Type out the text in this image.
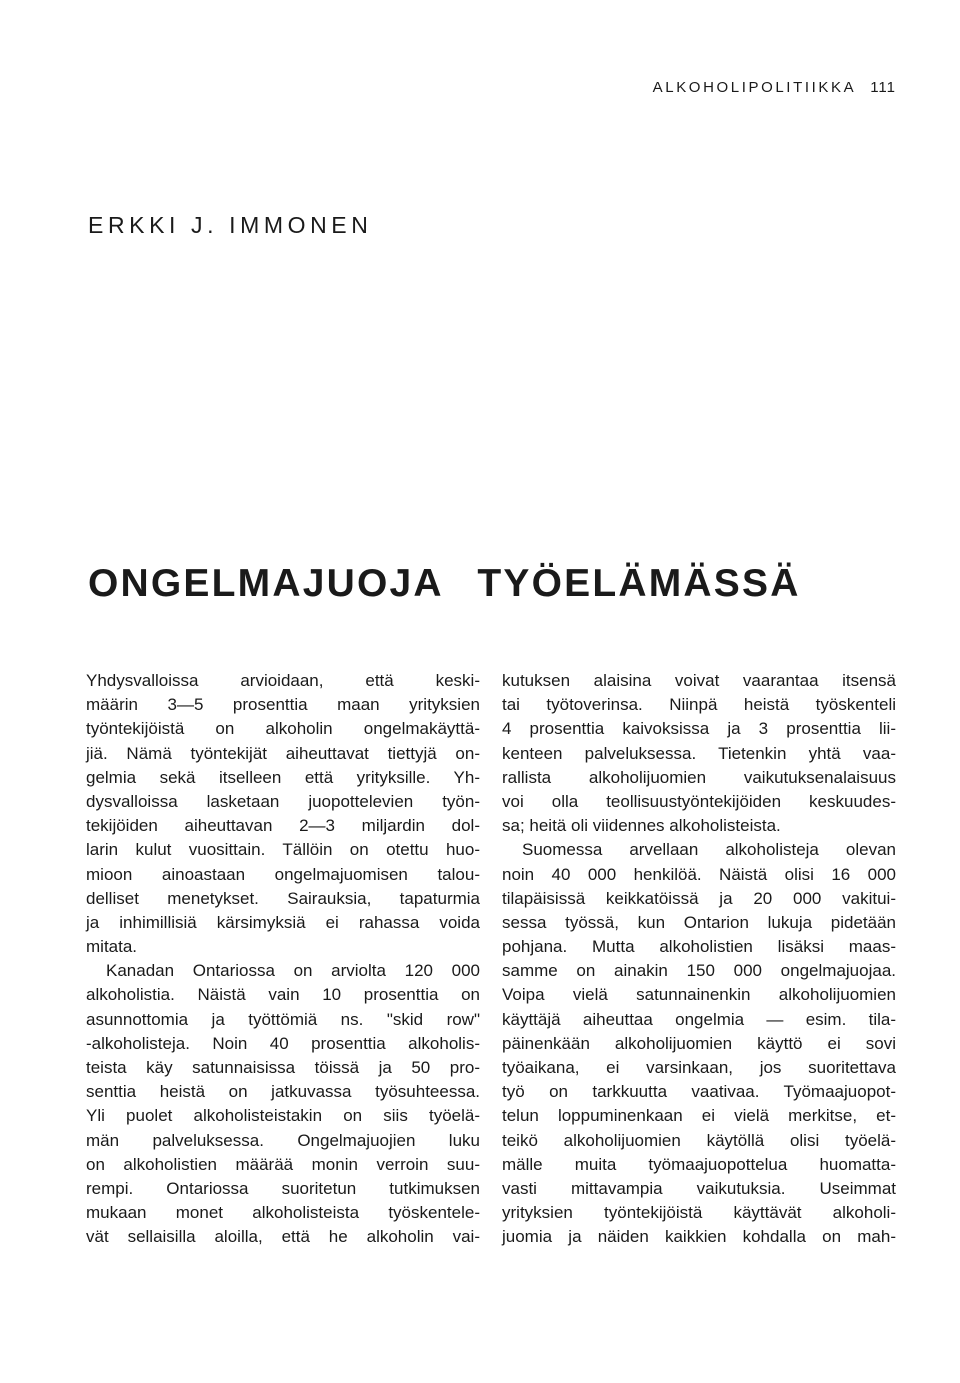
ALKOHOLIPOLITIIKKA 111
ERKKI J. IMMONEN
ONGELMAJUOJA TYÖELÄMÄSSÄ
Yhdysvalloissa arvioidaan, että keski-
määrin 3—5 prosenttia maan yrityksien
työntekijöistä on alkoholin ongelmakäyttä-
jiä. Nämä työntekijät aiheuttavat tiettyjä on-
gelmia sekä itselleen että yrityksille. Yh-
dysvalloissa lasketaan juopottelevien työn-
tekijöiden aiheuttavan 2—3 miljardin dol-
larin kulut vuosittain. Tällöin on otettu huo-
mioon ainoastaan ongelmajuomisen talou-
delliset menetykset. Sairauksia, tapaturmia
ja inhimillisiä kärsimyksiä ei rahassa voida
mitata.
Kanadan Ontariossa on arviolta 120 000
alkoholistia. Näistä vain 10 prosenttia on
asunnottomia ja työttömiä ns. "skid row"
-alkoholisteja. Noin 40 prosenttia alkoholis-
teista käy satunnaisissa töissä ja 50 pro-
senttia heistä on jatkuvassa työsuhteessa.
Yli puolet alkoholisteistakin on siis työelä-
män palveluksessa. Ongelmajuojien luku
on alkoholistien määrää monin verroin suu-
rempi. Ontariossa suoritetun tutkimuksen
mukaan monet alkoholisteista työskentele-
vät sellaisilla aloilla, että he alkoholin vai-
kutuksen alaisina voivat vaarantaa itsensä
tai työtoverinsa. Niinpä heistä työskenteli
4 prosenttia kaivoksissa ja 3 prosenttia lii-
kenteen palveluksessa. Tietenkin yhtä vaa-
rallista alkoholijuomien vaikutuksenalaisuus
voi olla teollisuustyöntekijöiden keskuudes-
sa; heitä oli viidennes alkoholisteista.
Suomessa arvellaan alkoholisteja olevan
noin 40 000 henkilöä. Näistä olisi 16 000
tilapäisissä keikkatöissä ja 20 000 vakitui-
sessa työssä, kun Ontarion lukuja pidetään
pohjana. Mutta alkoholistien lisäksi maas-
samme on ainakin 150 000 ongelmajuojaa.
Voipa vielä satunnainenkin alkoholijuomien
käyttäjä aiheuttaa ongelmia — esim. tila-
päinenkään alkoholijuomien käyttö ei sovi
työaikana, ei varsinkaan, jos suoritettava
työ on tarkkuutta vaativaa. Työmaajuopot-
telun loppuminenkaan ei vielä merkitse, et-
teikö alkoholijuomien käytöllä olisi työelä-
mälle muita työmaajuopottelua huomatta-
vasti mittavampia vaikutuksia. Useimmat
yrityksien työntekijöistä käyttävät alkoholi-
juomia ja näiden kaikkien kohdalla on mah-
